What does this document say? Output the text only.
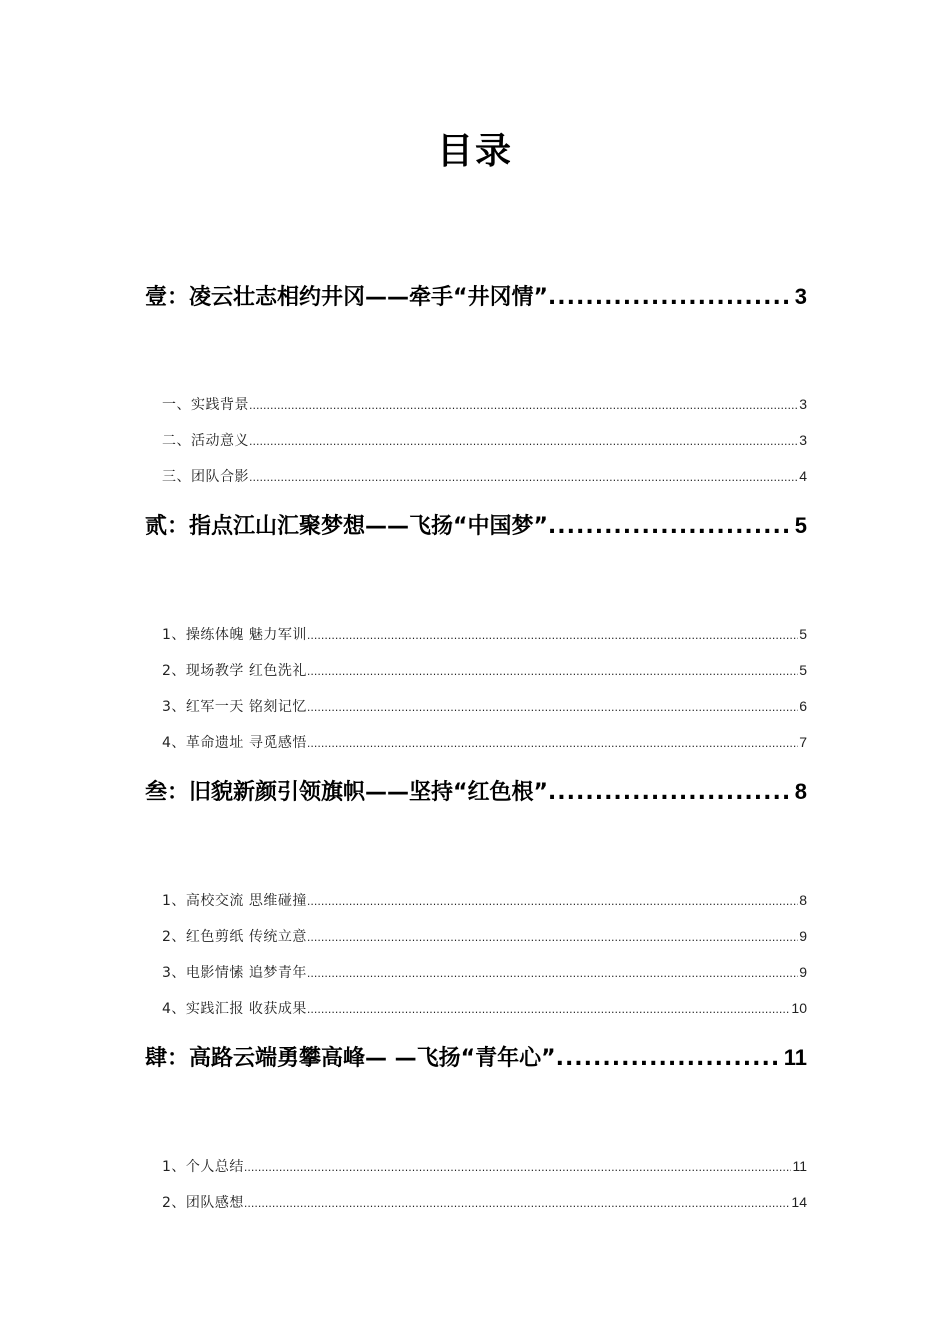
目录
壹：凌云壮志相约井冈——牵手“井冈情” .....	3
一、实践背景 .....	3
二、活动意义 .....	3
三、团队合影 .....	4
贰：指点江山汇聚梦想——飞扬“中国梦” .....	5
1、操练体魄 魅力军训 .....	5
2、现场教学 红色洗礼 .....	5
3、红军一天 铭刻记忆 .....	6
4、革命遗址 寻觅感悟 .....	7
叁：旧貌新颜引领旗帜——坚持“红色根” .....	8
1、高校交流 思维碰撞 .....	8
2、红色剪纸 传统立意 .....	9
3、电影情愫 追梦青年 .....	9
4、实践汇报 收获成果 .....	10
肆：高路云端勇攀高峰— —飞扬“青年心” .....	11
1、个人总结 .....	11
2、团队感想 .....	14
